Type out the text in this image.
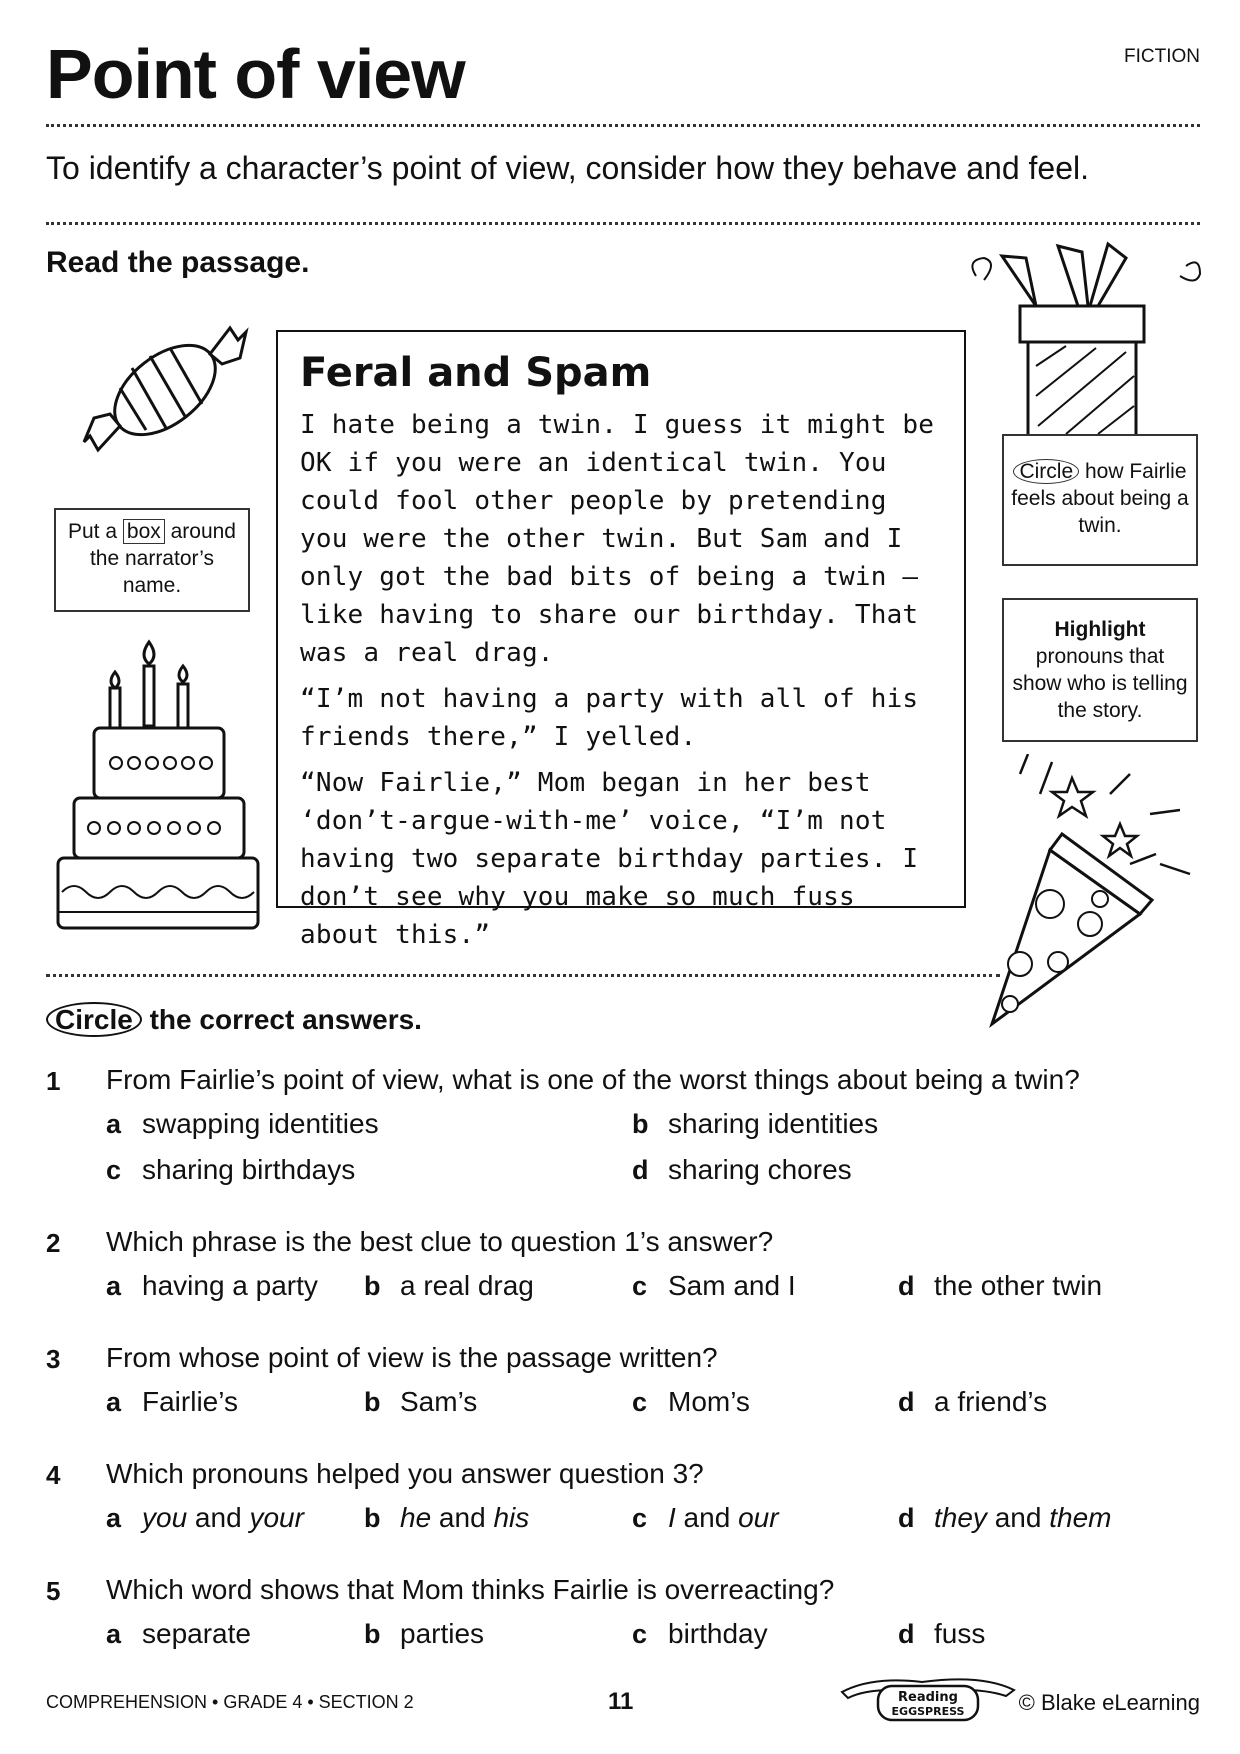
Point of view	FICTION
To identify a character’s point of view, consider how they behave and feel.
Read the passage.
Put a box around the narrator’s name.
Feral and Spam

I hate being a twin. I guess it might be OK if you were an identical twin. You could fool other people by pretending you were the other twin. But Sam and I only got the bad bits of being a twin — like having to share our birthday. That was a real drag.

“I’m not having a party with all of his friends there,” I yelled.

“Now Fairlie,” Mom began in her best ‘don’t-argue-with-me’ voice, “I’m not having two separate birthday parties. I don’t see why you make so much fuss about this.”

Circle how Fairlie feels about being a twin.
Highlight
pronouns that show who is telling the story.
Circle the correct answers.
1 From Fairlie’s point of view, what is one of the worst things about being a twin?
a swapping identities	b sharing identities
c sharing birthdays	d sharing chores
2 Which phrase is the best clue to question 1’s answer?
a having a party b a real drag	c Sam and I	d the other twin
3 From whose point of view is the passage written?
a Fairlie’s	b Sam’s	c Mom’s	d a friend’s
4 Which pronouns helped you answer question 3?
a you and your b he and his	c I and our	d they and them
5 Which word shows that Mom thinks Fairlie is overreacting?
a separate	b parties	c birthday	d fuss
COMPREHENSION • GRADE 4 • SECTION 2	11	Reading
EGGSPRESS © Blake eLearning
